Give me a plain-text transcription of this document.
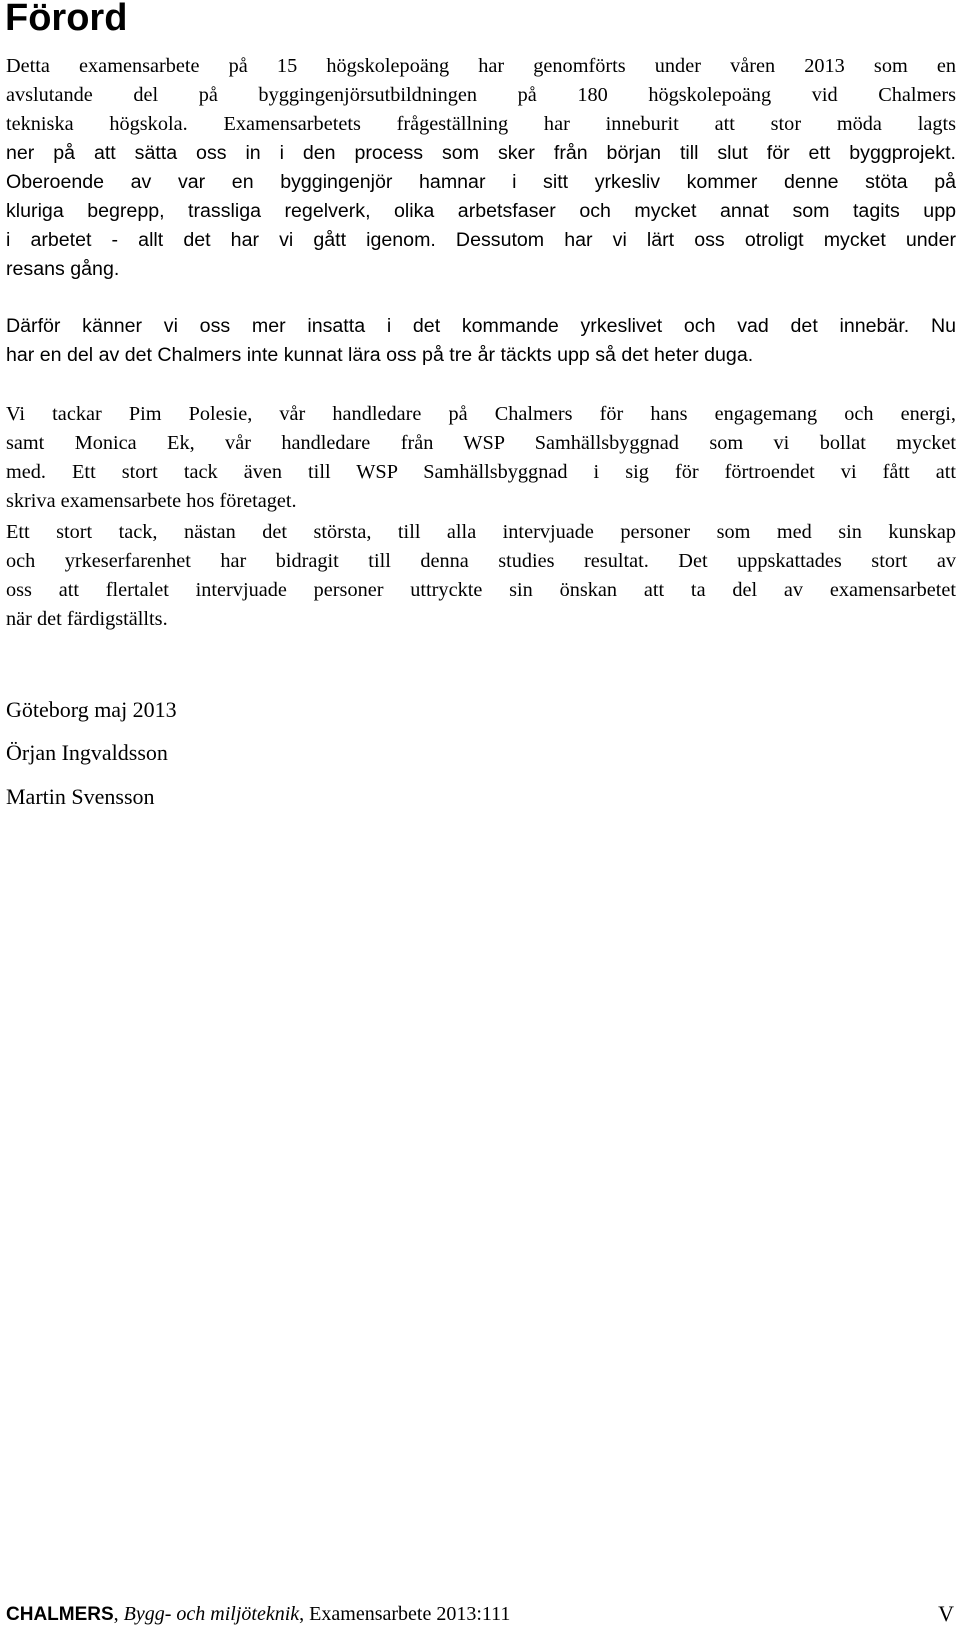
Förord
Detta examensarbete på 15 högskolepoäng har genomförts under våren 2013 som en
avslutande del på byggingenjörsutbildningen på 180 högskolepoäng vid Chalmers
tekniska högskola. Examensarbetets frågeställning har inneburit att stor möda lagts
ner på att sätta oss in i den process som sker från början till slut för ett byggprojekt.
Oberoende av var en byggingenjör hamnar i sitt yrkesliv kommer denne stöta på
kluriga begrepp, trassliga regelverk, olika arbetsfaser och mycket annat som tagits upp
i arbetet - allt det har vi gått igenom. Dessutom har vi lärt oss otroligt mycket under
resans gång.
Därför känner vi oss mer insatta i det kommande yrkeslivet och vad det innebär. Nu
har en del av det Chalmers inte kunnat lära oss på tre år täckts upp så det heter duga.
Vi tackar Pim Polesie, vår handledare på Chalmers för hans engagemang och energi,
samt Monica Ek, vår handledare från WSP Samhällsbyggnad som vi bollat mycket
med. Ett stort tack även till WSP Samhällsbyggnad i sig för förtroendet vi fått att
skriva examensarbete hos företaget.
Ett stort tack, nästan det största, till alla intervjuade personer som med sin kunskap
och yrkeserfarenhet har bidragit till denna studies resultat. Det uppskattades stort av
oss att flertalet intervjuade personer uttryckte sin önskan att ta del av examensarbetet
när det färdigställts.
Göteborg maj 2013
Örjan Ingvaldsson
Martin Svensson
CHALMERS, Bygg- och miljöteknik, Examensarbete 2013:111	V
